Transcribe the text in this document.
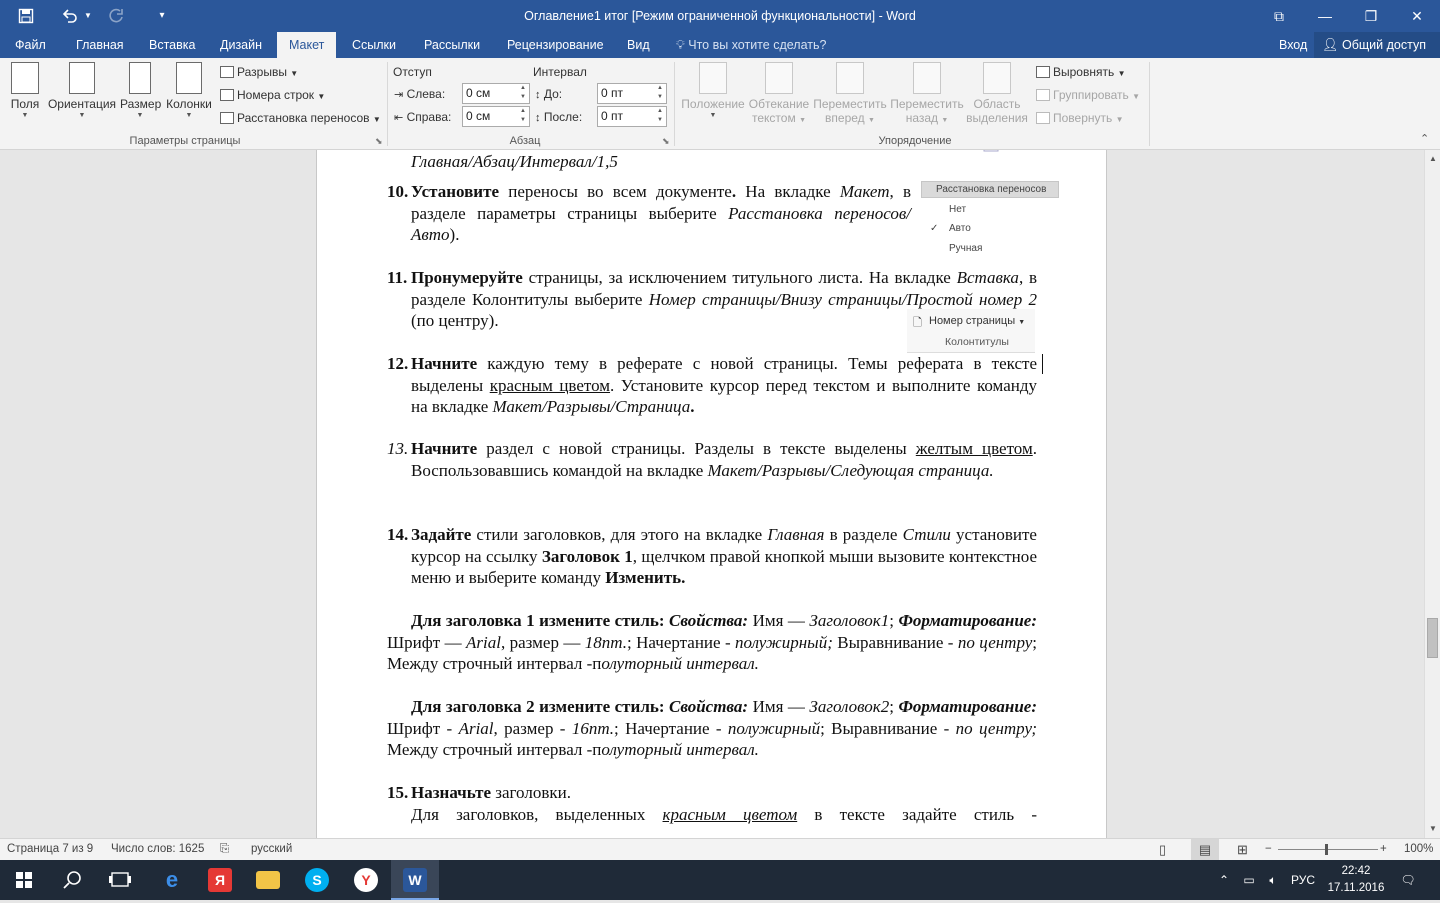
Оглавление1 итог [Режим ограниченной функциональности] - Word
▼	▾	⧉	—	❐	✕
Файл	Главная	Вставка	Дизайн	Макет	Ссылки	Рассылки	Рецензирование	Вид	💡︎ Что вы хотите сделать?	Вход	👤︎ Общий доступ
Поля
▼
Ориентация
▼
Размер
▼
Колонки
▼
Разрывы ▼
Номера строк ▼
Расстановка переносов ▼
Параметры страницы	⬊
Отступ	Интервал
⇥ Слева:	0 см	▲
▼
⇤ Справа:	0 см	▲
▼
↕ До:	0 пт	▲
▼
↕ После:	0 пт	▲
▼
Абзац	⬊
Положение
▼
Обтекание
текстом ▼
Переместить
вперед ▼
Переместить
назад ▼
Область
выделения
Выровнять ▼
Группировать ▼
Повернуть ▼
Упорядочение	⌃
Главная/Абзац/Интервал/1,5
10. Установите переносы во всем документе. На вкладке Макет, в разделе параметры страницы выберите Расстановка переносов/Авто).
Расстановка переносов
Нет
✓ Авто
Ручная
11. Пронумеруйте страницы, за исключением титульного листа. На вкладке Вставка, в разделе Колонтитулы выберите Номер страницы/Внизу страницы/Простой номер 2 (по центру).	🗋︎ Номер страницы ▼
Колонтитулы
12. Начните каждую тему в реферате с новой страницы. Темы реферата в тексте выделены красным цветом. Установите курсор перед текстом и выполните команду на вкладке Макет/Разрывы/Страница.
13. Начните раздел с новой страницы. Разделы в тексте выделены желтым цветом. Воспользовавшись командой на вкладке Макет/Разрывы/Следующая страница.
14. Задайте стили заголовков, для этого на вкладке Главная в разделе Стили установите курсор на ссылку Заголовок 1, щелчком правой кнопкой мыши вызовите контекстное меню и выберите команду Изменить.
Для заголовка 1 измените стиль: Свойства: Имя — Заголовок1; Форматирование: Шрифт — Arial, размер — 18пт.; Начертание - полужирный; Выравнивание - по центру; Между строчный интервал -полуторный интервал.
Для заголовка 2 измените стиль: Свойства: Имя — Заголовок2; Форматирование: Шрифт - Arial, размер - 16пт.; Начертание - полужирный; Выравнивание - по центру; Между строчный интервал -полуторный интервал.
15. Назначьте заголовки.
Для заголовков, выделенных красным цветом в тексте задайте стиль -
▲
▼
Страница 7 из 9 Число слов: 1625 ⎘ русский	▯	▤	⊞ −	+ 100%
e	Я	S	Y	W	⌃	▭	🔈︎	РУС
22:42
17.11.2016
🗨︎
